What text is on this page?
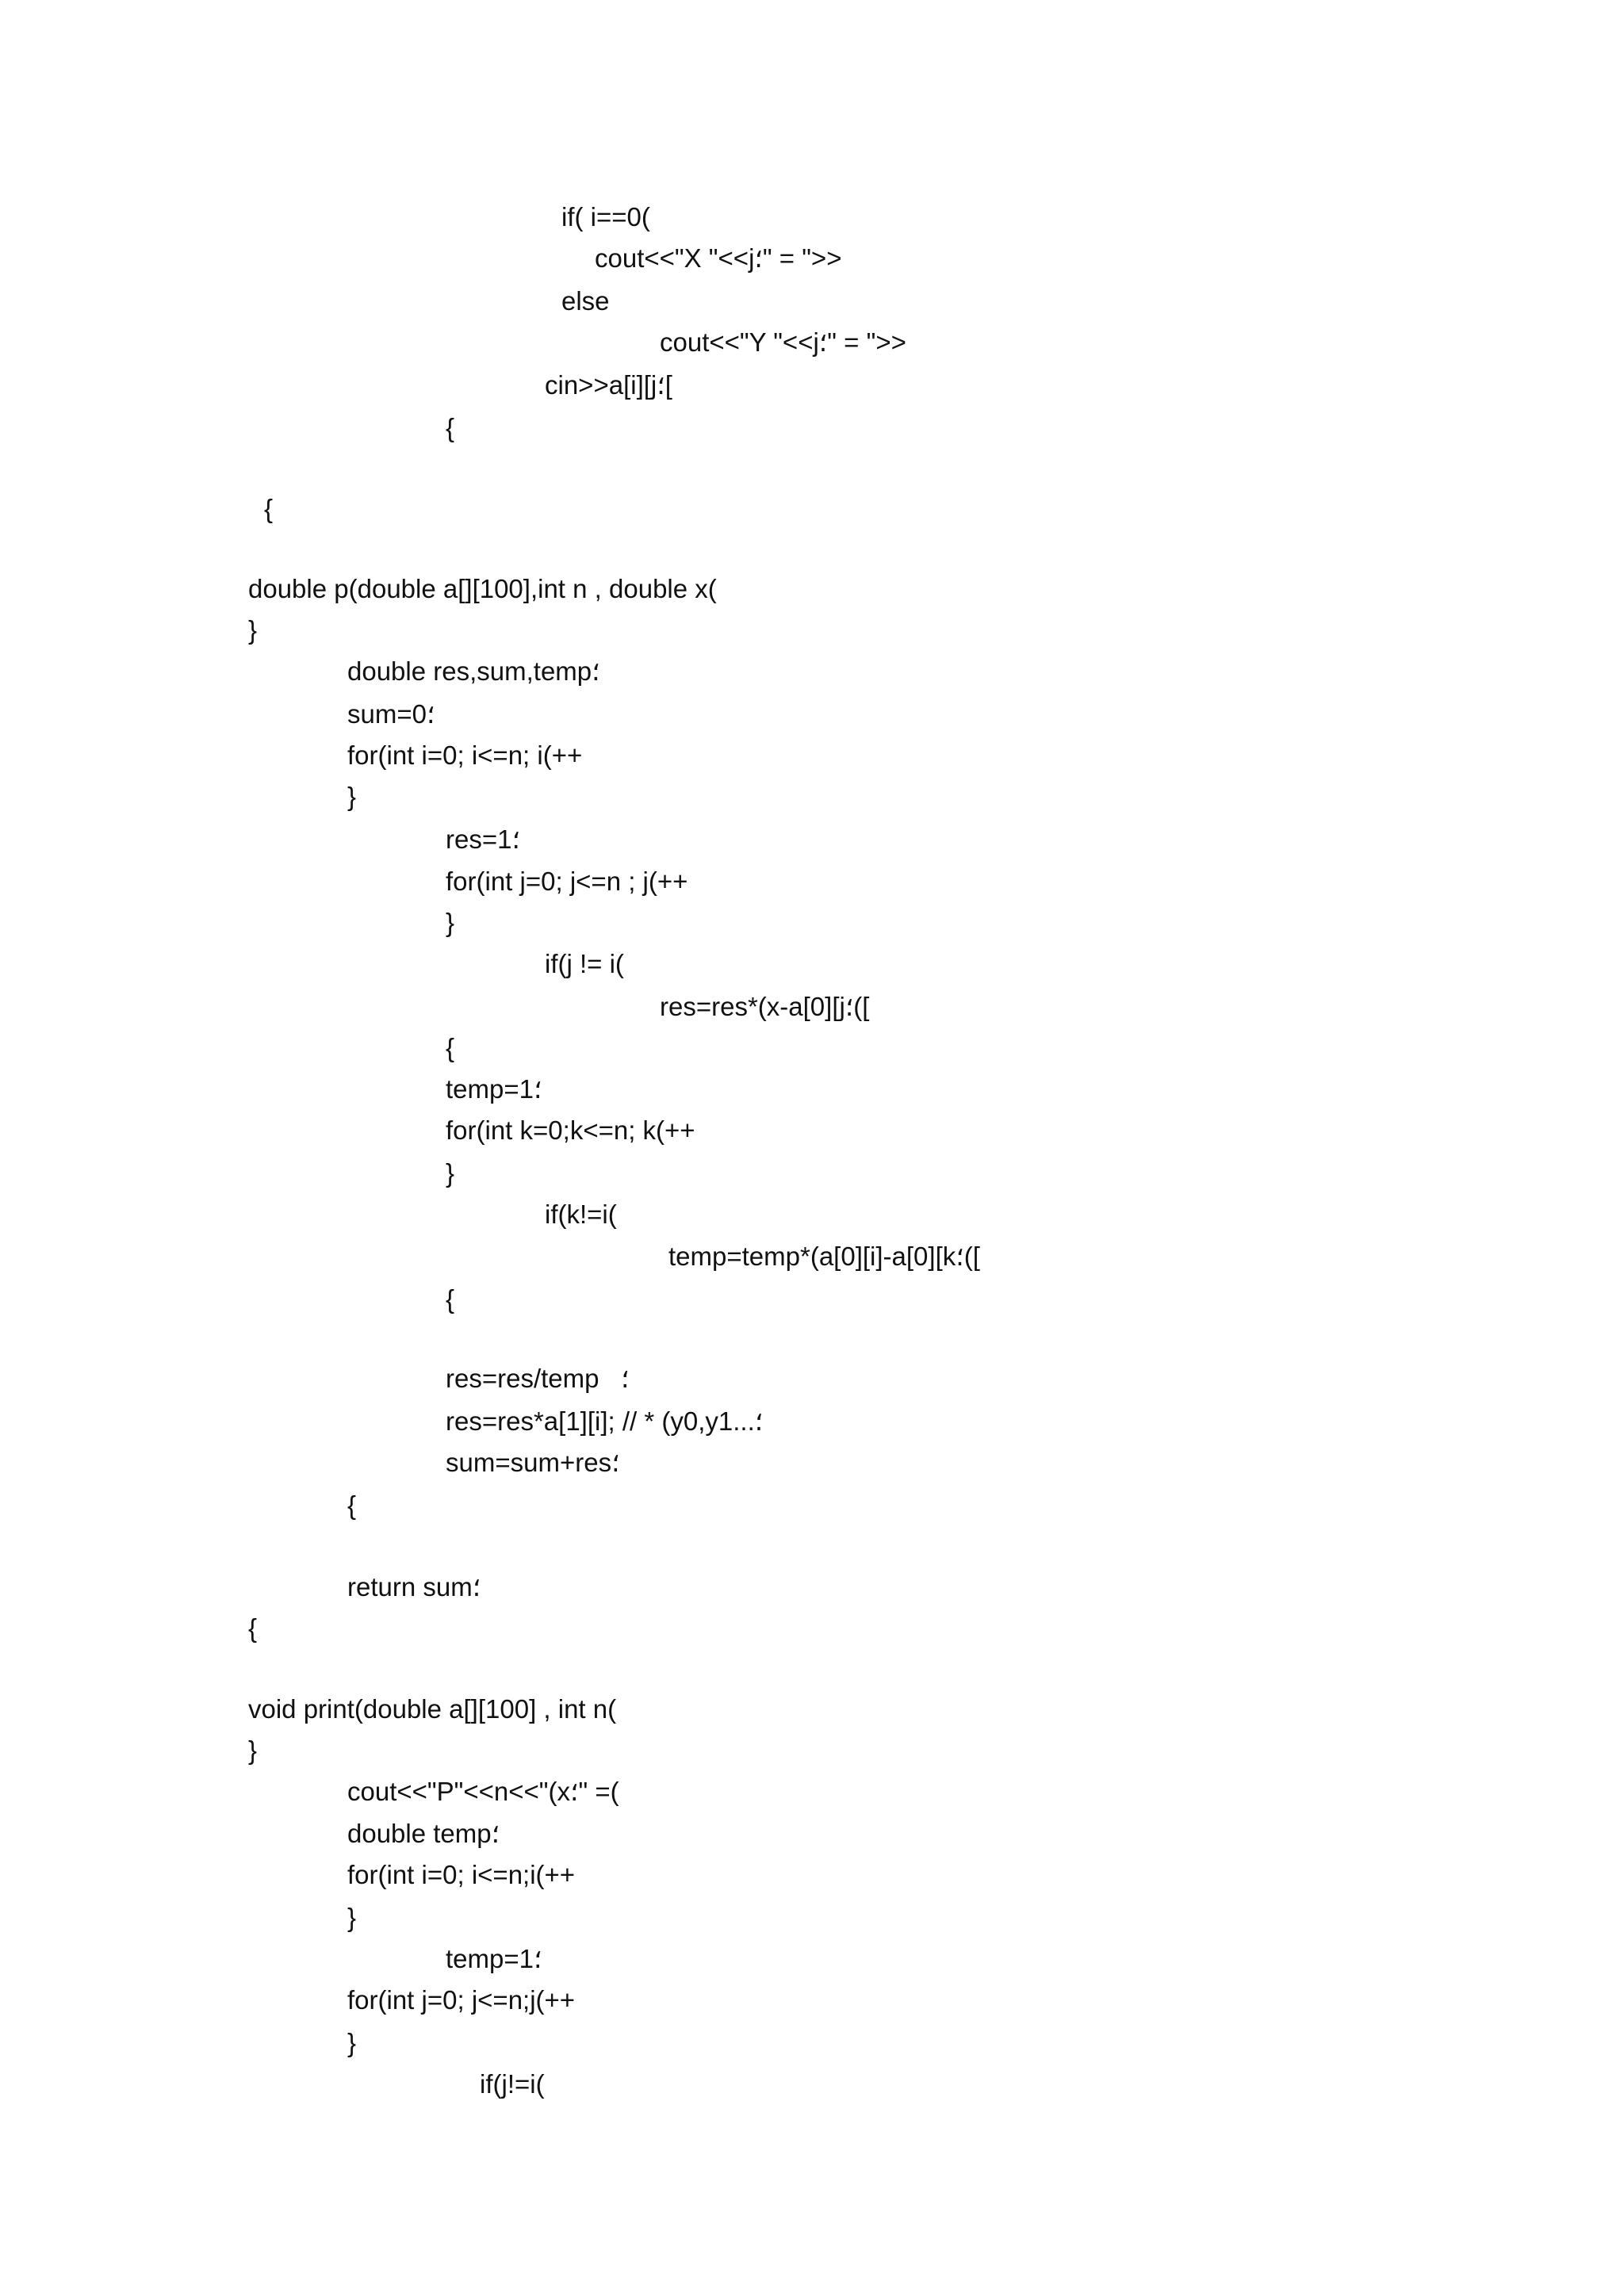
if( i==0(
cout<<"X "<<j؛" = ">>
else
cout<<"Y "<<j؛" = ">>
cin>>a[i][j؛[
{
{
double p(double a[][100],int n , double x(
}
double res,sum,temp؛
sum=0؛
for(int i=0; i<=n; i(++
}
res=1؛
for(int j=0; j<=n ; j(++
}
if(j != i(
res=res*(x-a[0][j؛([
{
temp=1؛
for(int k=0;k<=n; k(++
}
if(k!=i(
temp=temp*(a[0][i]-a[0][k؛([
{
res=res/temp   ؛
res=res*a[1][i]; // * (y0,y1...؛
sum=sum+res؛
{
return sum؛
{
void print(double a[][100] , int n(
}
cout<<"P"<<n<<"(x؛" =(
double temp؛
for(int i=0; i<=n;i(++
}
temp=1؛
for(int j=0; j<=n;j(++
}
if(j!=i(
